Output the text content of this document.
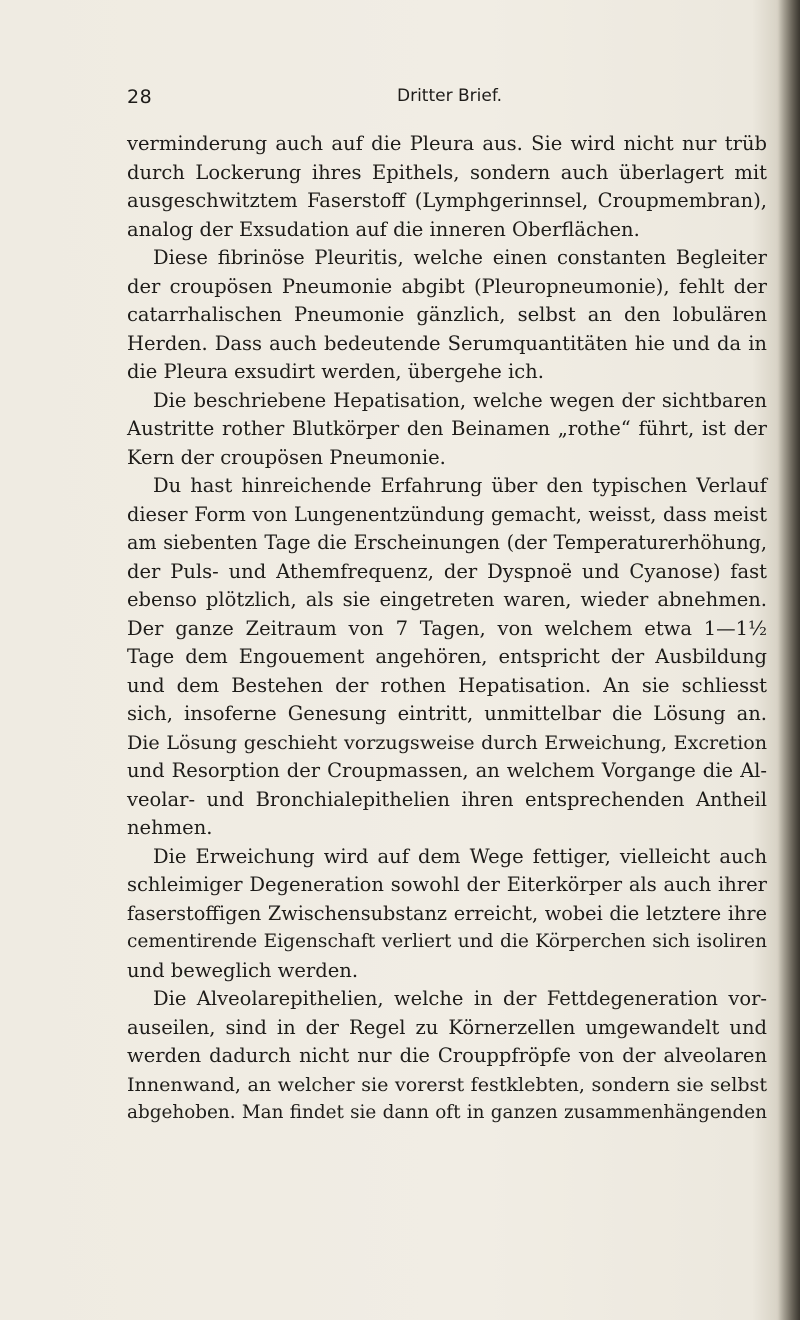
28	Dritter Brief.

verminderung auch auf die Pleura aus. Sie wird nicht nur trüb
durch Lockerung ihres Epithels, sondern auch überlagert mit
ausgeschwitztem Faserstoff (Lymphgerinnsel, Croupmembran),
analog der Exsudation auf die inneren Oberflächen.

Diese fibrinöse Pleuritis, welche einen constanten Begleiter

der croupösen Pneumonie abgibt (Pleuropneumonie), fehlt der
catarrhalischen Pneumonie gänzlich, selbst an den lobulären
Herden. Dass auch bedeutende Serumquantitäten hie und da in
die Pleura exsudirt werden, übergehe ich.

Die beschriebene Hepatisation, welche wegen der sichtbaren

Austritte rother Blutkörper den Beinamen „rothe“ führt, ist der
Kern der croupösen Pneumonie.

Du hast hinreichende Erfahrung über den typischen Verlauf

dieser Form von Lungenentzündung gemacht, weisst, dass meist
am siebenten Tage die Erscheinungen (der Temperaturerhöhung,
der Puls- und Athemfrequenz, der Dyspnoë und Cyanose) fast
ebenso plötzlich, als sie eingetreten waren, wieder abnehmen.
Der ganze Zeitraum von 7 Tagen, von welchem etwa 1—1½
Tage dem Engouement angehören, entspricht der Ausbildung
und dem Bestehen der rothen Hepatisation. An sie schliesst
sich, insoferne Genesung eintritt, unmittelbar die Lösung an.
Die Lösung geschieht vorzugsweise durch Erweichung, Excretion
und Resorption der Croupmassen, an welchem Vorgange die Al-
veolar- und Bronchialepithelien ihren entsprechenden Antheil
nehmen.

Die Erweichung wird auf dem Wege fettiger, vielleicht auch

schleimiger Degeneration sowohl der Eiterkörper als auch ihrer
faserstoffigen Zwischensubstanz erreicht, wobei die letztere ihre
cementirende Eigenschaft verliert und die Körperchen sich isoliren
und beweglich werden.

Die Alveolarepithelien, welche in der Fettdegeneration vor-

auseilen, sind in der Regel zu Körnerzellen umgewandelt und
werden dadurch nicht nur die Crouppfröpfe von der alveolaren
Innenwand, an welcher sie vorerst festklebten, sondern sie selbst
abgehoben. Man findet sie dann oft in ganzen zusammenhängenden
